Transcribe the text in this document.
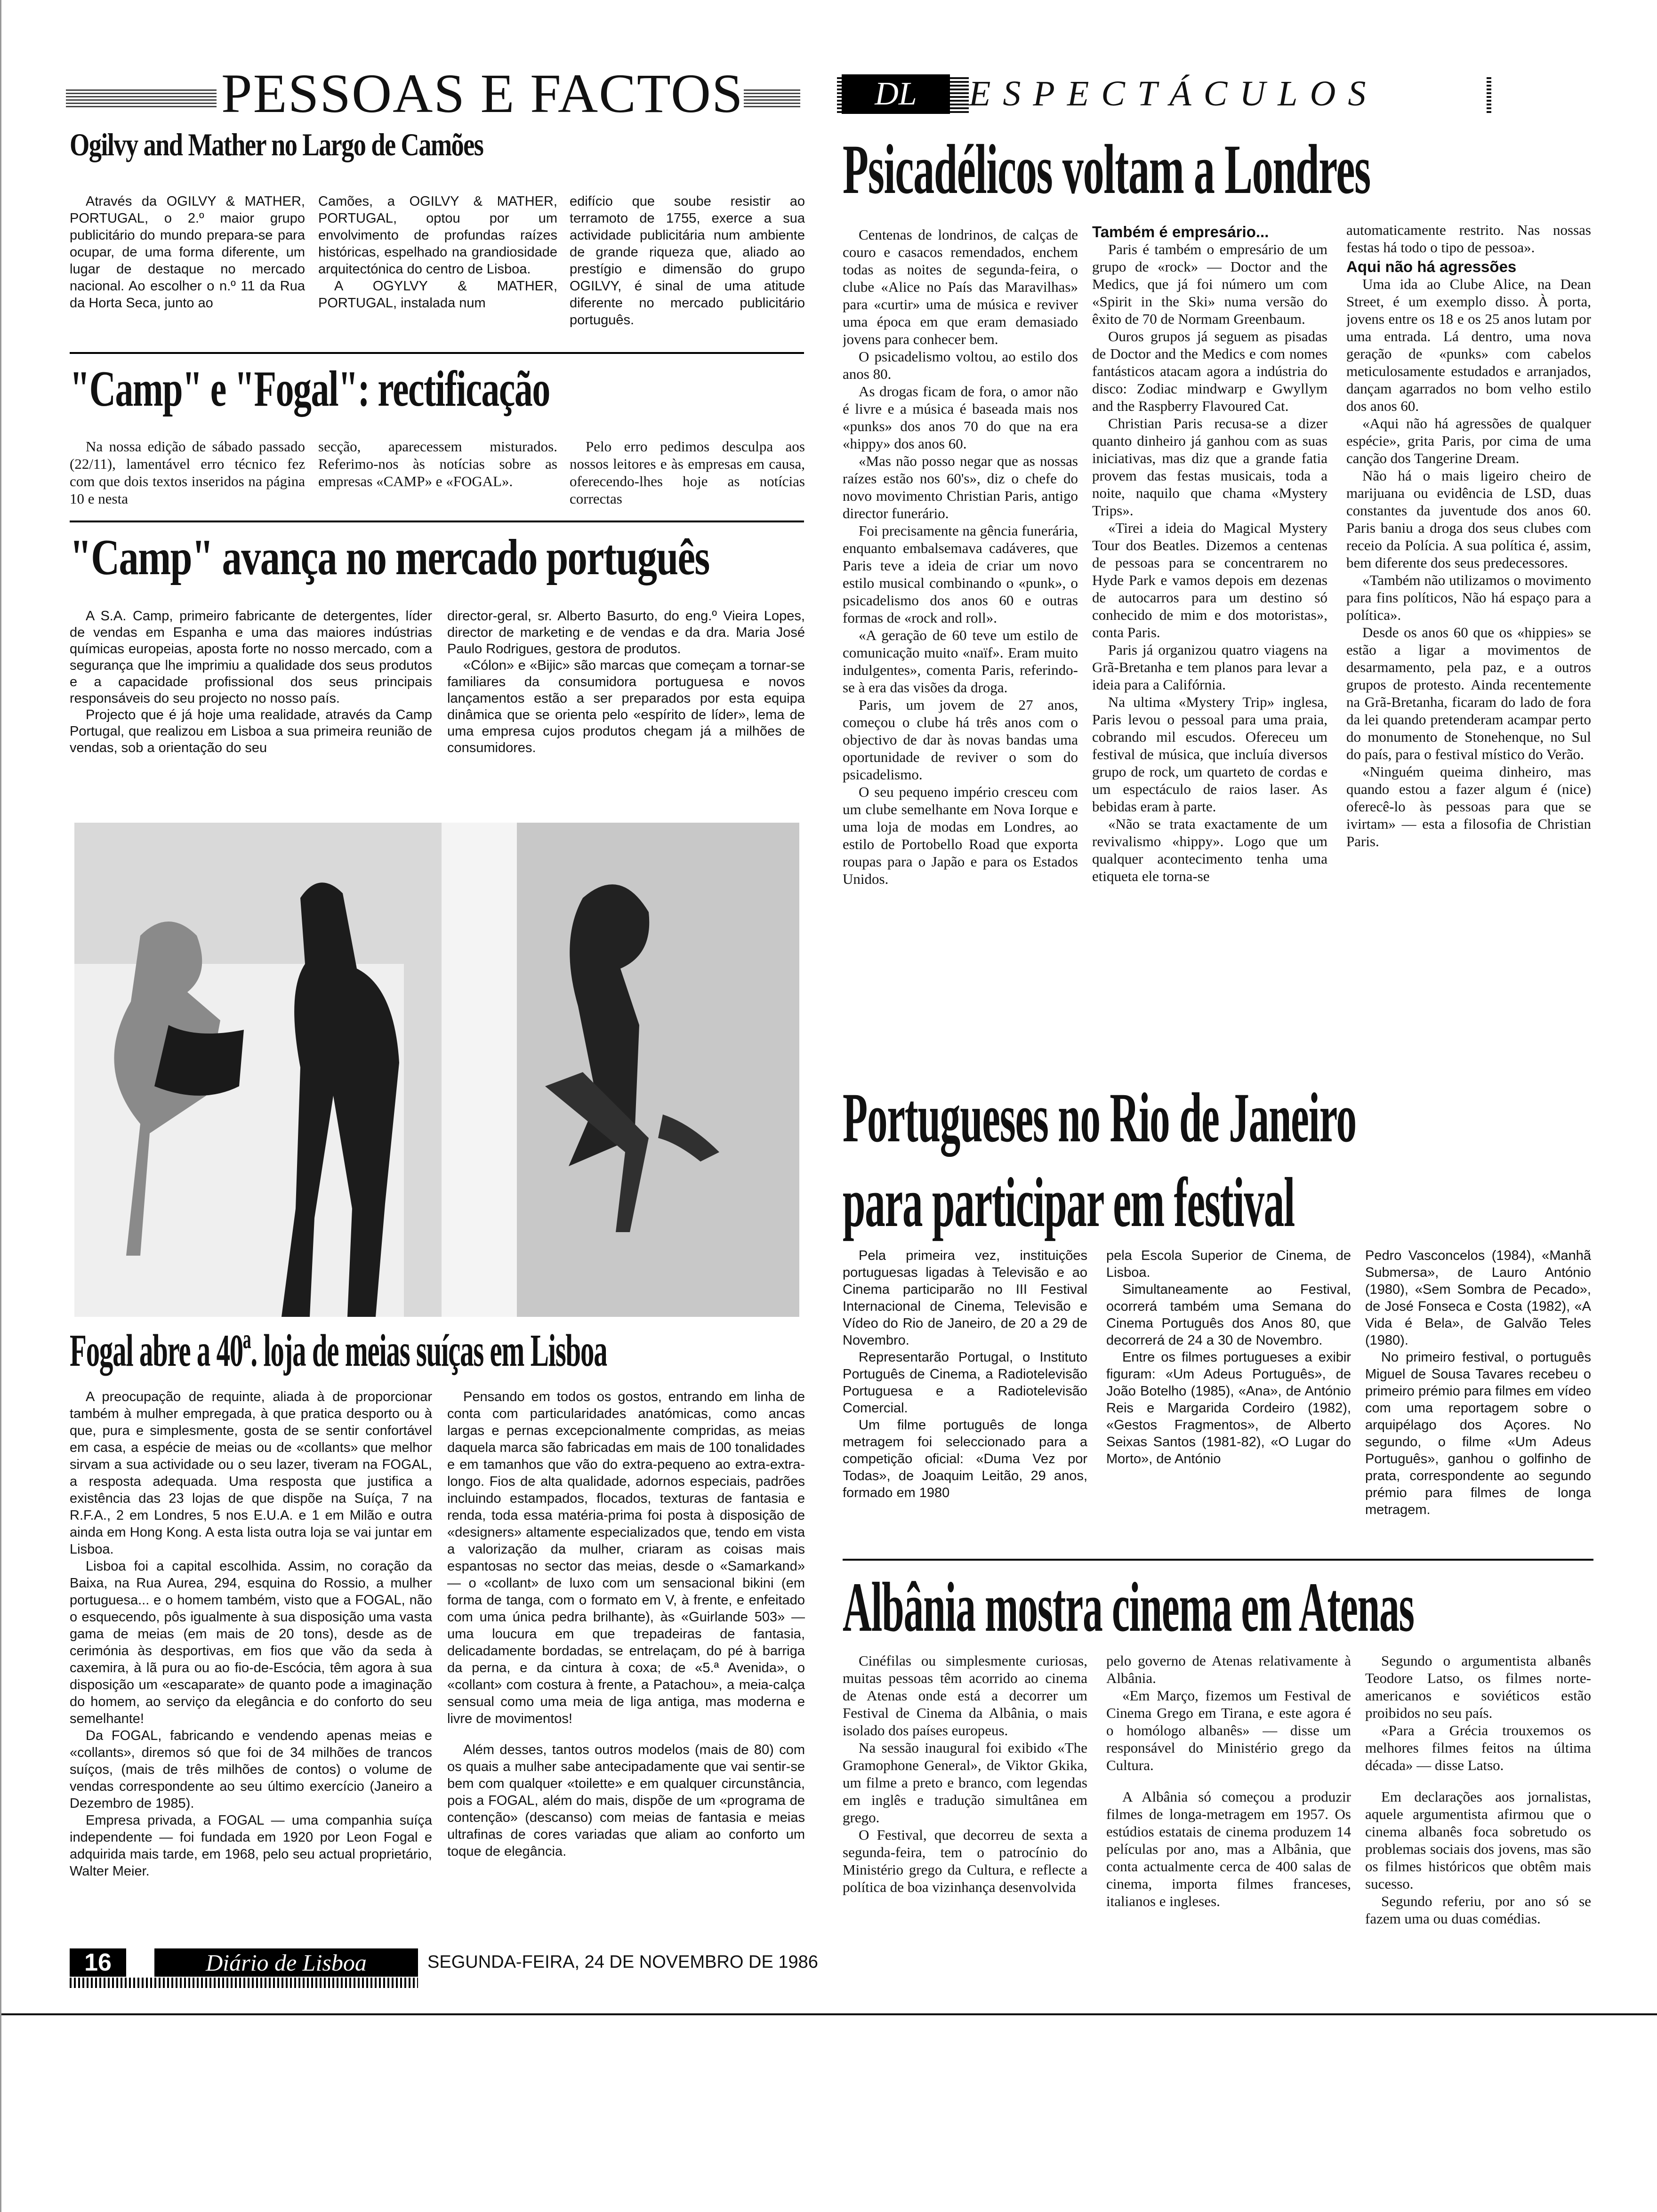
PESSOAS E FACTOS
Ogilvy and Mather no Largo de Camões

Através da OGILVY & MATHER, PORTUGAL, o 2.º maior grupo publicitário do mundo prepara-se para ocupar, de uma forma diferente, um lugar de destaque no mercado nacional. Ao escolher o n.º 11 da Rua da Horta Seca, junto ao

Camões, a OGILVY & MATHER, PORTUGAL, optou por um envolvimento de profundas raízes históricas, espelhado na grandiosidade arquitectónica do centro de Lisboa.

A OGYLVY & MATHER, PORTUGAL, instalada num

edifício que soube resistir ao terramoto de 1755, exerce a sua actividade publicitária num ambiente de grande riqueza que, aliado ao prestígio e dimensão do grupo OGILVY, é sinal de uma atitude diferente no mercado publicitário português.

"Camp" e "Fogal": rectificação

Na nossa edição de sábado passado (22/11), lamentável erro técnico fez com que dois textos inseridos na página 10 e nesta

secção, aparecessem misturados. Referimo-nos às notícias sobre as empresas «CAMP» e «FOGAL».

Pelo erro pedimos desculpa aos nossos leitores e às empresas em causa, oferecendo-lhes hoje as notícias correctas

"Camp" avança no mercado português

A S.A. Camp, primeiro fabricante de detergentes, líder de vendas em Espanha e uma das maiores indústrias químicas europeias, aposta forte no nosso mercado, com a segurança que lhe imprimiu a qualidade dos seus produtos e a capacidade profissional dos seus principais responsáveis do seu projecto no nosso país.

Projecto que é já hoje uma realidade, através da Camp Portugal, que realizou em Lisboa a sua primeira reunião de vendas, sob a orientação do seu

director-geral, sr. Alberto Basurto, do eng.º Vieira Lopes, director de marketing e de vendas e da dra. Maria José Paulo Rodrigues, gestora de produtos.

«Cólon» e «Bijic» são marcas que começam a tornar-se familiares da consumidora portuguesa e novos lançamentos estão a ser preparados por esta equipa dinâmica que se orienta pelo «espírito de líder», lema de uma empresa cujos produtos chegam já a milhões de consumidores.

Fogal abre a 40ª. loja de meias suíças em Lisboa

A preocupação de requinte, aliada à de proporcionar também à mulher empregada, à que pratica desporto ou à que, pura e simplesmente, gosta de se sentir confortável em casa, a espécie de meias ou de «collants» que melhor sirvam a sua actividade ou o seu lazer, tiveram na FOGAL, a resposta adequada. Uma resposta que justifica a existência das 23 lojas de que dispõe na Suíça, 7 na R.F.A., 2 em Londres, 5 nos E.U.A. e 1 em Milão e outra ainda em Hong Kong. A esta lista outra loja se vai juntar em Lisboa.

Lisboa foi a capital escolhida. Assim, no coração da Baixa, na Rua Aurea, 294, esquina do Rossio, a mulher portuguesa... e o homem também, visto que a FOGAL, não o esquecendo, pôs igualmente à sua disposição uma vasta gama de meias (em mais de 20 tons), desde as de cerimónia às desportivas, em fios que vão da seda à caxemira, à lã pura ou ao fio-de-Escócia, têm agora à sua disposição um «escaparate» de quanto pode a imaginação do homem, ao serviço da elegância e do conforto do seu semelhante!

Da FOGAL, fabricando e vendendo apenas meias e «collants», diremos só que foi de 34 milhões de trancos suíços, (mais de três milhões de contos) o volume de vendas correspondente ao seu último exercício (Janeiro a Dezembro de 1985).

Empresa privada, a FOGAL — uma companhia suíça independente — foi fundada em 1920 por Leon Fogal e adquirida mais tarde, em 1968, pelo seu actual proprietário, Walter Meier.

Pensando em todos os gostos, entrando em linha de conta com particularidades anatómicas, como ancas largas e pernas excepcionalmente compridas, as meias daquela marca são fabricadas em mais de 100 tonalidades e em tamanhos que vão do extra-pequeno ao extra-extra-longo. Fios de alta qualidade, adornos especiais, padrões incluindo estampados, flocados, texturas de fantasia e renda, toda essa matéria-prima foi posta à disposição de «designers» altamente especializados que, tendo em vista a valorização da mulher, criaram as coisas mais espantosas no sector das meias, desde o «Samarkand» — o «collant» de luxo com um sensacional bikini (em forma de tanga, com o formato em V, à frente, e enfeitado com uma única pedra brilhante), às «Guirlande 503» — uma loucura em que trepadeiras de fantasia, delicadamente bordadas, se entrelaçam, do pé à barriga da perna, e da cintura à coxa; de «5.ª Avenida», o «collant» com costura à frente, a Patachou», a meia-calça sensual como uma meia de liga antiga, mas moderna e livre de movimentos!

Além desses, tantos outros modelos (mais de 80) com os quais a mulher sabe antecipadamente que vai sentir-se bem com qualquer «toilette» e em qualquer circunstância, pois a FOGAL, além do mais, dispõe de um «programa de contenção» (descanso) com meias de fantasia e meias ultrafinas de cores variadas que aliam ao conforto um toque de elegância.

DL	ESPECTÁCULOS
Psicadélicos voltam a Londres

Centenas de londrinos, de calças de couro e casacos remendados, enchem todas as noites de segunda-feira, o clube «Alice no País das Maravilhas» para «curtir» uma de música e reviver uma época em que eram demasiado jovens para conhecer bem.

O psicadelismo voltou, ao estilo dos anos 80.

As drogas ficam de fora, o amor não é livre e a música é baseada mais nos «punks» dos anos 70 do que na era «hippy» dos anos 60.

«Mas não posso negar que as nossas raízes estão nos 60's», diz o chefe do novo movimento Christian Paris, antigo director funerário.

Foi precisamente na gência funerária, enquanto embalsemava cadáveres, que Paris teve a ideia de criar um novo estilo musical combinando o «punk», o psicadelismo dos anos 60 e outras formas de «rock and roll».

«A geração de 60 teve um estilo de comunicação muito «naïf». Eram muito indulgentes», comenta Paris, referindo-se à era das visões da droga.

Paris, um jovem de 27 anos, começou o clube há três anos com o objectivo de dar às novas bandas uma oportunidade de reviver o som do psicadelismo.

O seu pequeno império cresceu com um clube semelhante em Nova Iorque e uma loja de modas em Londres, ao estilo de Portobello Road que exporta roupas para o Japão e para os Estados Unidos.

Também é empresário...

Paris é também o empresário de um grupo de «rock» — Doctor and the Medics, que já foi número um com «Spirit in the Ski» numa versão do êxito de 70 de Normam Greenbaum.

Ouros grupos já seguem as pisadas de Doctor and the Medics e com nomes fantásticos atacam agora a indústria do disco: Zodiac mindwarp e Gwyllym and the Raspberry Flavoured Cat.

Christian Paris recusa-se a dizer quanto dinheiro já ganhou com as suas iniciativas, mas diz que a grande fatia provem das festas musicais, toda a noite, naquilo que chama «Mystery Trips».

«Tirei a ideia do Magical Mystery Tour dos Beatles. Dizemos a centenas de pessoas para se concentrarem no Hyde Park e vamos depois em dezenas de autocarros para um destino só conhecido de mim e dos motoristas», conta Paris.

Paris já organizou quatro viagens na Grã-Bretanha e tem planos para levar a ideia para a Califórnia.

Na ultima «Mystery Trip» inglesa, Paris levou o pessoal para uma praia, cobrando mil escudos. Ofereceu um festival de música, que incluía diversos grupo de rock, um quarteto de cordas e um espectáculo de raios laser. As bebidas eram à parte.

«Não se trata exactamente de um revivalismo «hippy». Logo que um qualquer acontecimento tenha uma etiqueta ele torna-se

automaticamente restrito. Nas nossas festas há todo o tipo de pessoa».

Aqui não há agressões

Uma ida ao Clube Alice, na Dean Street, é um exemplo disso. À porta, jovens entre os 18 e os 25 anos lutam por uma entrada. Lá dentro, uma nova geração de «punks» com cabelos meticulosamente estudados e arranjados, dançam agarrados no bom velho estilo dos anos 60.

«Aqui não há agressões de qualquer espécie», grita Paris, por cima de uma canção dos Tangerine Dream.

Não há o mais ligeiro cheiro de marijuana ou evidência de LSD, duas constantes da juventude dos anos 60. Paris baniu a droga dos seus clubes com receio da Polícia. A sua política é, assim, bem diferente dos seus predecessores.

«Também não utilizamos o movimento para fins políticos, Não há espaço para a política».

Desde os anos 60 que os «hippies» se estão a ligar a movimentos de desarmamento, pela paz, e a outros grupos de protesto. Ainda recentemente na Grã-Bretanha, ficaram do lado de fora da lei quando pretenderam acampar perto do monumento de Stonehenque, no Sul do país, para o festival místico do Verão.

«Ninguém queima dinheiro, mas quando estou a fazer algum é (nice) oferecê-lo às pessoas para que se ivirtam» — esta a filosofia de Christian Paris.

Portugueses no Rio de Janeiro
para participar em festival

Pela primeira vez, instituições portuguesas ligadas à Televisão e ao Cinema participarão no III Festival Internacional de Cinema, Televisão e Vídeo do Rio de Janeiro, de 20 a 29 de Novembro.

Representarão Portugal, o Instituto Português de Cinema, a Radiotelevisão Portuguesa e a Radiotelevisão Comercial.

Um filme português de longa metragem foi seleccionado para a competição oficial: «Duma Vez por Todas», de Joaquim Leitão, 29 anos, formado em 1980

pela Escola Superior de Cinema, de Lisboa.

Simultaneamente ao Festival, ocorrerá também uma Semana do Cinema Português dos Anos 80, que decorrerá de 24 a 30 de Novembro.

Entre os filmes portugueses a exibir figuram: «Um Adeus Português», de João Botelho (1985), «Ana», de António Reis e Margarida Cordeiro (1982), «Gestos Fragmentos», de Alberto Seixas Santos (1981-82), «O Lugar do Morto», de António

Pedro Vasconcelos (1984), «Manhã Submersa», de Lauro António (1980), «Sem Sombra de Pecado», de José Fonseca e Costa (1982), «A Vida é Bela», de Galvão Teles (1980).

No primeiro festival, o português Miguel de Sousa Tavares recebeu o primeiro prémio para filmes em vídeo com uma reportagem sobre o arquipélago dos Açores. No segundo, o filme «Um Adeus Português», ganhou o golfinho de prata, correspondente ao segundo prémio para filmes de longa metragem.

Albânia mostra cinema em Atenas

Cinéfilas ou simplesmente curiosas, muitas pessoas têm acorrido ao cinema de Atenas onde está a decorrer um Festival de Cinema da Albânia, o mais isolado dos países europeus.

Na sessão inaugural foi exibido «The Gramophone General», de Viktor Gkika, um filme a preto e branco, com legendas em inglês e tradução simultânea em grego.

O Festival, que decorreu de sexta a segunda-feira, tem o patrocínio do Ministério grego da Cultura, e reflecte a política de boa vizinhança desenvolvida

pelo governo de Atenas relativamente à Albânia.

«Em Março, fizemos um Festival de Cinema Grego em Tirana, e este agora é o homólogo albanês» — disse um responsável do Ministério grego da Cultura.

A Albânia só começou a produzir filmes de longa-metragem em 1957. Os estúdios estatais de cinema produzem 14 películas por ano, mas a Albânia, que conta actualmente cerca de 400 salas de cinema, importa filmes franceses, italianos e ingleses.

Segundo o argumentista albanês Teodore Latso, os filmes norte-americanos e soviéticos estão proibidos no seu país.

«Para a Grécia trouxemos os melhores filmes feitos na última década» — disse Latso.

Em declarações aos jornalistas, aquele argumentista afirmou que o cinema albanês foca sobretudo os problemas sociais dos jovens, mas são os filmes históricos que obtêm mais sucesso.

Segundo referiu, por ano só se fazem uma ou duas comédias.

16	Diário de Lisboa	SEGUNDA-FEIRA, 24 DE NOVEMBRO DE 1986
